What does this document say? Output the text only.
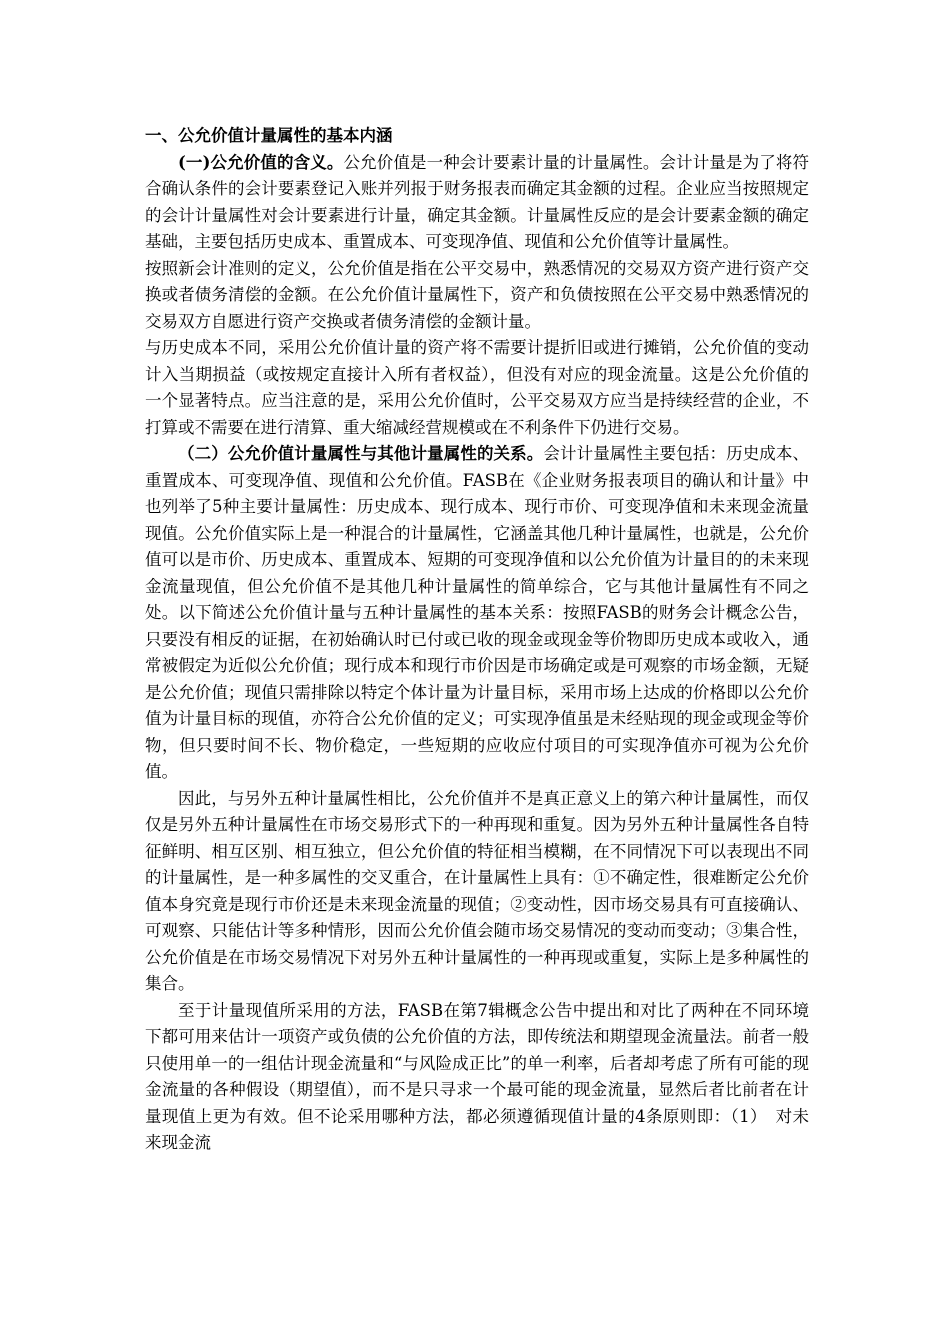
一、公允价值计量属性的基本内涵

(一)公允价值的含义。公允价值是一种会计要素计量的计量属性。会计计量是为了将符合确认条件的会计要素登记入账并列报于财务报表而确定其金额的过程。企业应当按照规定的会计计量属性对会计要素进行计量，确定其金额。计量属性反应的是会计要素金额的确定基础，主要包括历史成本、重置成本、可变现净值、现值和公允价值等计量属性。

按照新会计准则的定义，公允价值是指在公平交易中，熟悉情况的交易双方资产进行资产交换或者债务清偿的金额。在公允价值计量属性下，资产和负债按照在公平交易中熟悉情况的交易双方自愿进行资产交换或者债务清偿的金额计量。

与历史成本不同，采用公允价值计量的资产将不需要计提折旧或进行摊销，公允价值的变动计入当期损益（或按规定直接计入所有者权益），但没有对应的现金流量。这是公允价值的一个显著特点。应当注意的是，采用公允价值时，公平交易双方应当是持续经营的企业，不打算或不需要在进行清算、重大缩减经营规模或在不利条件下仍进行交易。

（二）公允价值计量属性与其他计量属性的关系。会计计量属性主要包括：历史成本、重置成本、可变现净值、现值和公允价值。FASB在《企业财务报表项目的确认和计量》中也列举了5种主要计量属性：历史成本、现行成本、现行市价、可变现净值和未来现金流量现值。公允价值实际上是一种混合的计量属性，它涵盖其他几种计量属性，也就是，公允价值可以是市价、历史成本、重置成本、短期的可变现净值和以公允价值为计量目的的未来现金流量现值，但公允价值不是其他几种计量属性的简单综合，它与其他计量属性有不同之处。以下简述公允价值计量与五种计量属性的基本关系：按照FASB的财务会计概念公告，只要没有相反的证据，在初始确认时已付或已收的现金或现金等价物即历史成本或收入，通常被假定为近似公允价值；现行成本和现行市价因是市场确定或是可观察的市场金额，无疑是公允价值；现值只需排除以特定个体计量为计量目标，采用市场上达成的价格即以公允价值为计量目标的现值，亦符合公允价值的定义；可实现净值虽是未经贴现的现金或现金等价物，但只要时间不长、物价稳定，一些短期的应收应付项目的可实现净值亦可视为公允价值。

因此，与另外五种计量属性相比，公允价值并不是真正意义上的第六种计量属性，而仅仅是另外五种计量属性在市场交易形式下的一种再现和重复。因为另外五种计量属性各自特征鲜明、相互区别、相互独立，但公允价值的特征相当模糊，在不同情况下可以表现出不同的计量属性，是一种多属性的交叉重合，在计量属性上具有：①不确定性，很难断定公允价值本身究竟是现行市价还是未来现金流量的现值；②变动性，因市场交易具有可直接确认、可观察、只能估计等多种情形，因而公允价值会随市场交易情况的变动而变动；③集合性，公允价值是在市场交易情况下对另外五种计量属性的一种再现或重复，实际上是多种属性的集合。

至于计量现值所采用的方法，FASB在第7辑概念公告中提出和对比了两种在不同环境下都可用来估计一项资产或负债的公允价值的方法，即传统法和期望现金流量法。前者一般只使用单一的一组估计现金流量和“与风险成正比”的单一利率，后者却考虑了所有可能的现金流量的各种假设（期望值），而不是只寻求一个最可能的现金流量，显然后者比前者在计量现值上更为有效。但不论采用哪种方法，都必须遵循现值计量的4条原则即：（1）　对未来现金流
